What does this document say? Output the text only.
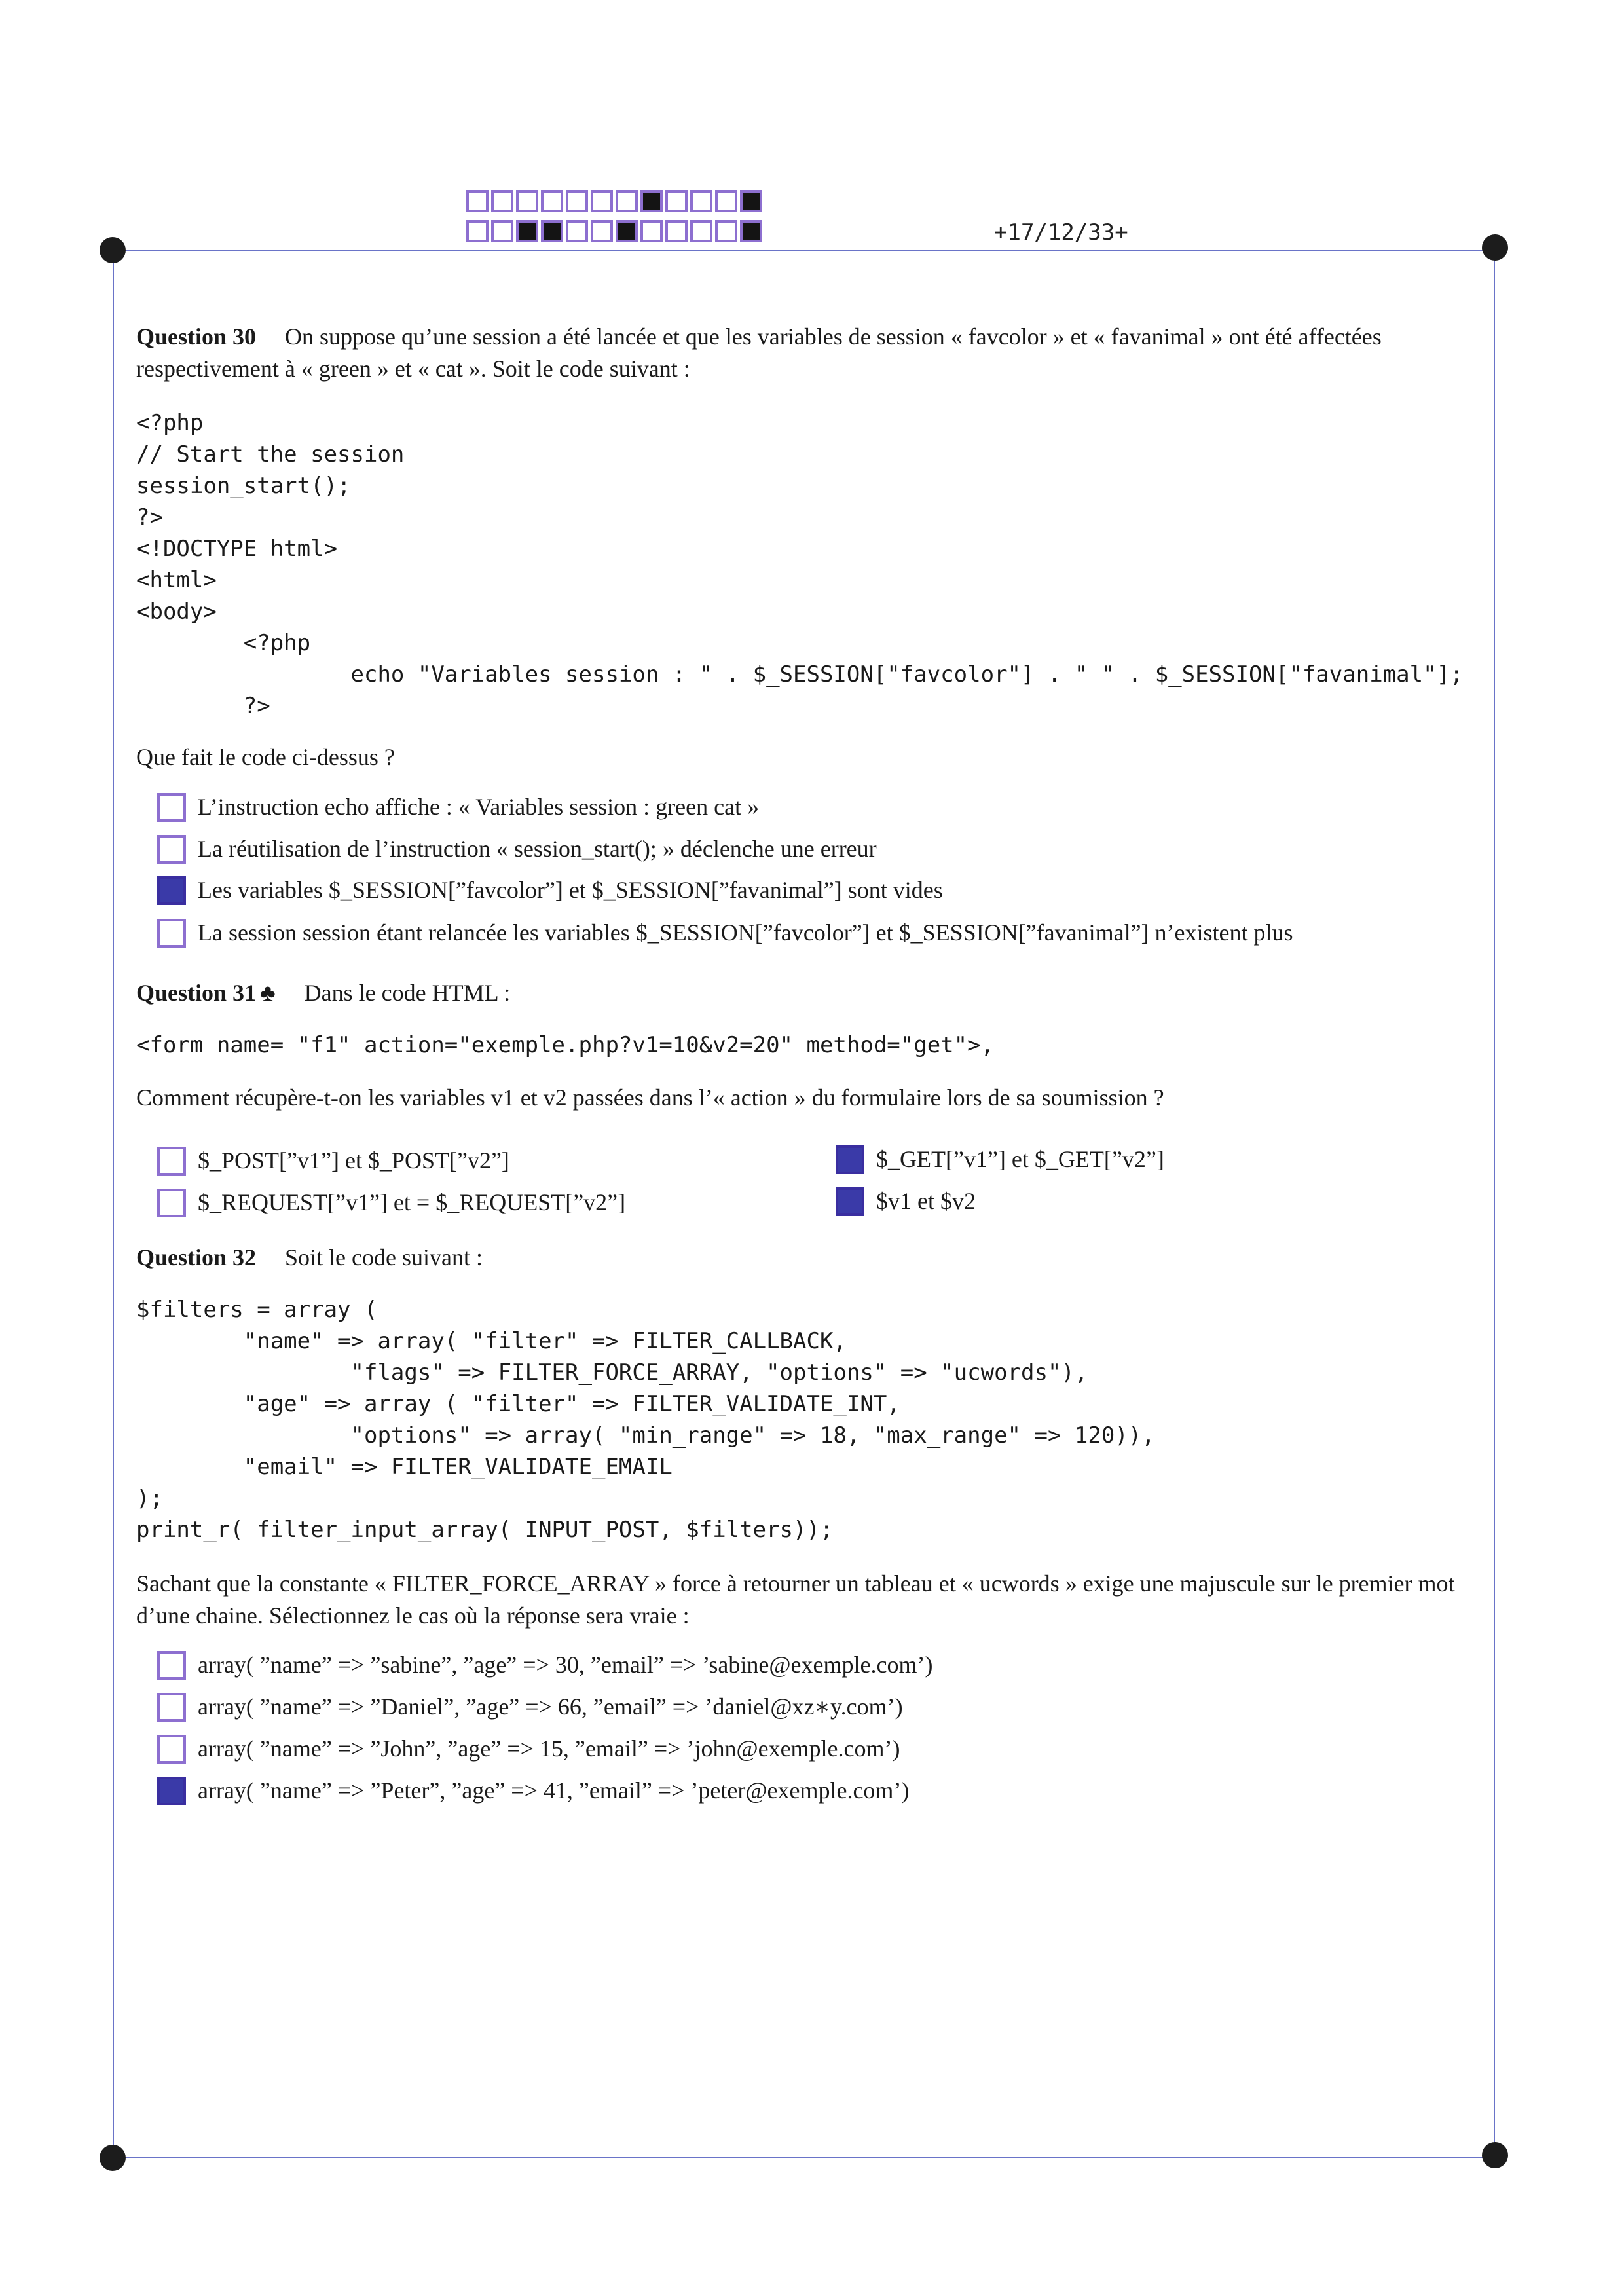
+17/12/33+
Question 30 On suppose qu’une session a été lancée et que les variables de session « favcolor » et « favanimal » ont été affectées respectivement à « green » et « cat ». Soit le code suivant :
<?php
// Start the session
session_start();
?>
<!DOCTYPE html>
<html>
<body>
<?php
echo "Variables session : " . $_SESSION["favcolor"] . " " . $_SESSION["favanimal"];
?>
Que fait le code ci-dessus ?
L’instruction echo affiche : « Variables session : green cat »
La réutilisation de l’instruction « session_start(); » déclenche une erreur
Les variables $_SESSION[”favcolor”] et $_SESSION[”favanimal”] sont vides
La session session étant relancée les variables $_SESSION[”favcolor”] et $_SESSION[”favanimal”] n’existent plus
Question 31 ♣ Dans le code HTML :
<form name= "f1" action="exemple.php?v1=10&v2=20" method="get">,
Comment récupère-t-on les variables v1 et v2 passées dans l’« action » du formulaire lors de sa soumission ?
$_POST[”v1”] et $_POST[”v2”]	$_GET[”v1”] et $_GET[”v2”]
$_REQUEST[”v1”] et = $_REQUEST[”v2”]	$v1 et $v2
Question 32 Soit le code suivant :
$filters = array (
"name" => array( "filter" => FILTER_CALLBACK,
"flags" => FILTER_FORCE_ARRAY, "options" => "ucwords"),
"age" => array ( "filter" => FILTER_VALIDATE_INT,
"options" => array( "min_range" => 18, "max_range" => 120)),
"email" => FILTER_VALIDATE_EMAIL
);
print_r( filter_input_array( INPUT_POST, $filters));
Sachant que la constante « FILTER_FORCE_ARRAY » force à retourner un tableau et « ucwords » exige une majuscule sur le premier mot d’une chaine. Sélectionnez le cas où la réponse sera vraie :
array( ”name” => ”sabine”, ”age” => 30, ”email” => ’sabine@exemple.com’)
array( ”name” => ”Daniel”, ”age” => 66, ”email” => ’daniel@xz∗y.com’)
array( ”name” => ”John”, ”age” => 15, ”email” => ’john@exemple.com’)
array( ”name” => ”Peter”, ”age” => 41, ”email” => ’peter@exemple.com’)
